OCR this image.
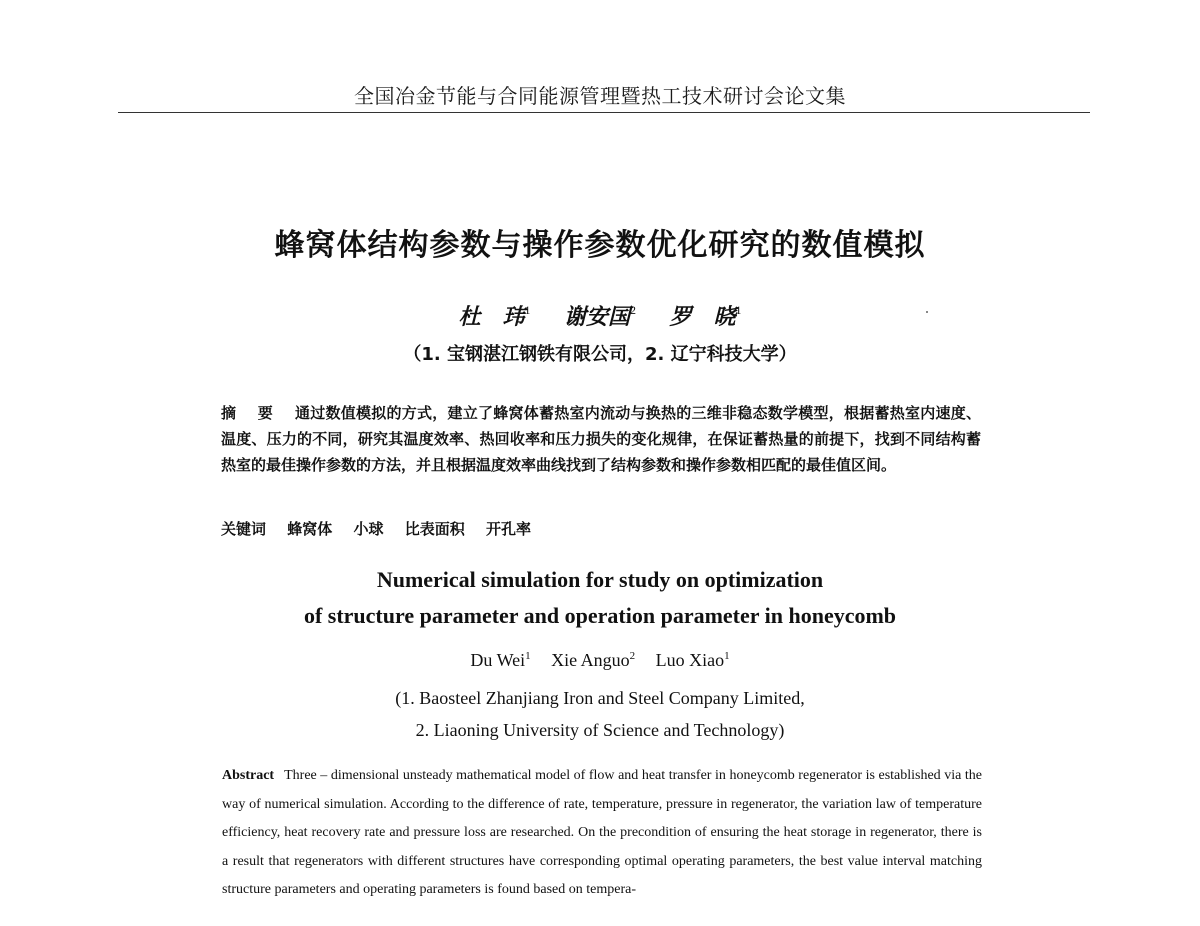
全国冶金节能与合同能源管理暨热工技术研讨会论文集
蜂窝体结构参数与操作参数优化研究的数值模拟
杜　玮$^1$ 谢安国$^2$ 罗　晓$^1$
（1. 宝钢湛江钢铁有限公司，2. 辽宁科技大学）
摘 要 通过数值模拟的方式，建立了蜂窝体蓄热室内流动与换热的三维非稳态数学模型，根据蓄热室内速度、温度、压力的不同，研究其温度效率、热回收率和压力损失的变化规律，在保证蓄热量的前提下，找到不同结构蓄热室的最佳操作参数的方法，并且根据温度效率曲线找到了结构参数和操作参数相匹配的最佳值区间。
关键词 蜂窝体 小球 比表面积 开孔率
Numerical simulation for study on optimization
of structure parameter and operation parameter in honeycomb
Du Wei$^1$ Xie Anguo$^2$ Luo Xiao$^1$
(1. Baosteel Zhanjiang Iron and Steel Company Limited,
2. Liaoning University of Science and Technology)
Abstract Three – dimensional unsteady mathematical model of flow and heat transfer in honeycomb regenerator is established via the way of numerical simulation. According to the difference of rate, temperature, pressure in regenerator, the variation law of temperature efficiency, heat recovery rate and pressure loss are researched. On the precondition of ensuring the heat storage in regenerator, there is a result that regenerators with different structures have corresponding optimal operating parameters, the best value interval matching structure parameters and operating parameters is found based on tempera-
